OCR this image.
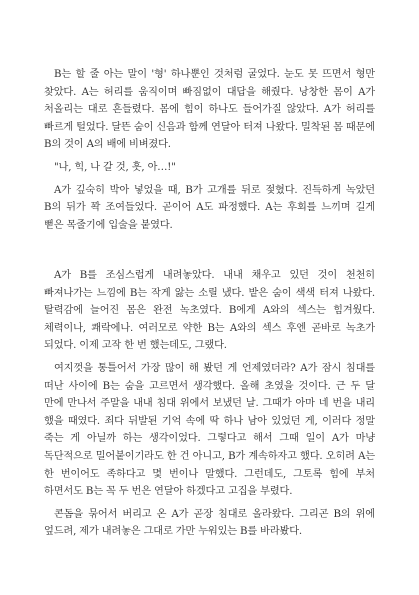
B는 할 줄 아는 말이 '형' 하나뿐인 것처럼 굴었다. 눈도 못 뜨면서 형만 찾았다. A는 허리를 움직이며 빠짐없이 대답을 해줬다. 낭창한 몸이 A가 처올리는 대로 흔들렸다. 몸에 힘이 하나도 들어가질 않았다. A가 허리를 빠르게 털었다. 달뜬 숨이 신음과 함께 연달아 터져 나왔다. 밀착된 몸 때문에 B의 것이 A의 배에 비벼졌다.

"나, 힉, 나 갈 것, 흣, 아…!"

A가 깊숙히 박아 넣었을 때, B가 고개를 뒤로 젖혔다. 진득하게 녹았던 B의 뒤가 꽉 조여들었다. 곧이어 A도 파정했다. A는 후회를 느끼며 길게 뻗은 목줄기에 입술을 붙였다.

A가 B를 조심스럽게 내려놓았다. 내내 채우고 있던 것이 천천히 빠져나가는 느낌에 B는 작게 앓는 소릴 냈다. 밭은 숨이 색색 터져 나왔다. 탈력감에 늘어진 몸은 완전 녹초였다. B에게 A와의 섹스는 힘겨웠다. 체력이나, 쾌락에나. 여러모로 약한 B는 A와의 섹스 후엔 곧바로 녹초가 되었다. 이제 고작 한 번 했는데도, 그랬다.

여지껏을 통틀어서 가장 많이 해 봤던 게 언제였더라? A가 잠시 침대를 떠난 사이에 B는 숨을 고르면서 생각했다. 올해 초였을 것이다. 근 두 달 만에 만나서 주말을 내내 침대 위에서 보냈던 날. 그때가 아마 네 번을 내리 했을 때였다. 죄다 뒤발된 기억 속에 딱 하나 남아 있었던 게, 이러다 정말 죽는 게 아닐까 하는 생각이었다. 그렇다고 해서 그때 일이 A가 마냥 독단적으로 밀어붙이기라도 한 건 아니고, B가 계속하자고 했다. 오히려 A는 한 번이어도 족하다고 몇 번이나 말했다. 그런데도, 그토록 힘에 부처 하면서도 B는 꼭 두 번은 연달아 하겠다고 고집을 부렸다.

콘돔을 묶어서 버리고 온 A가 곧장 침대로 올라왔다. 그리곤 B의 위에 엎드려, 제가 내려놓은 그대로 가만 누워있는 B를 바라봤다.
